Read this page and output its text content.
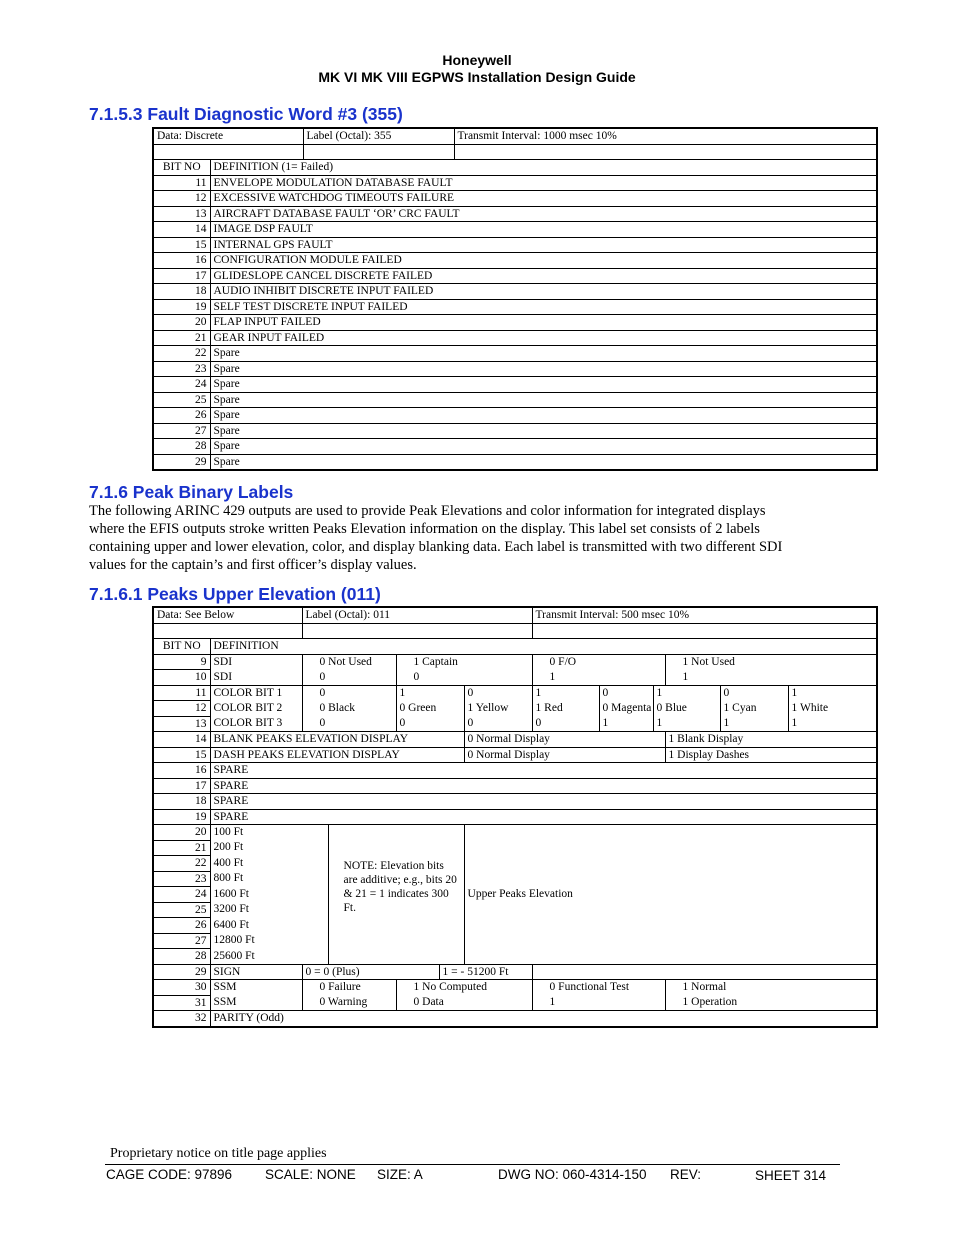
Honeywell
MK VI MK VIII EGPWS Installation Design Guide
7.1.5.3 Fault Diagnostic Word #3 (355)
Data: Discrete		Label (Octal): 355	Transmit Interval: 1000 msec 10%

BIT NO	DEFINITION (1= Failed)		
11	ENVELOPE MODULATION DATABASE FAULT		
12	EXCESSIVE WATCHDOG TIMEOUTS FAILURE		
13	AIRCRAFT DATABASE FAULT ‘OR’ CRC FAULT		
14	IMAGE DSP FAULT		
15	INTERNAL GPS FAULT		
16	CONFIGURATION MODULE FAILED		
17	GLIDESLOPE CANCEL DISCRETE FAILED		
18	AUDIO INHIBIT DISCRETE INPUT FAILED		
19	SELF TEST DISCRETE INPUT FAILED		
20	FLAP INPUT FAILED		
21	GEAR INPUT FAILED		
22	Spare		
23	Spare		
24	Spare		
25	Spare		
26	Spare		
27	Spare		
28	Spare		
29	Spare		
7.1.6 Peak Binary Labels
The following ARINC 429 outputs are used to provide Peak Elevations and color information for integrated displays
where the EFIS outputs stroke written Peaks Elevation information on the display. This label set consists of 2 labels
containing upper and lower elevation, color, and display blanking data. Each label is transmitted with two different SDI
values for the captain’s and first officer’s display values.
7.1.6.1 Peaks Upper Elevation (011)
Data: See Below		Label (Octal): 011					Transmit Interval: 500 msec 10%					

BIT NO	DEFINITION											
9	SDI	0 Not Used		1 Captain			0 F/O			1 Not Used		
10	SDI	0		0			1			1		
11	COLOR BIT 1	0		1		0	1	0	1		0	1
12	COLOR BIT 2	0 Black		0 Green		1 Yellow	1 Red	0 Magenta	0 Blue		1 Cyan	1 White
13	COLOR BIT 3	0		0		0	0	1	1		1	1
14	BLANK PEAKS ELEVATION DISPLAY					0 Normal Display				1 Blank Display		
15	DASH PEAKS ELEVATION DISPLAY					0 Normal Display				1 Display Dashes		
16	SPARE											
17	SPARE											
18	SPARE											
19	SPARE											
20	100 Ft		NOTE: Elevation bits are additive; e.g., bits 20 & 21 = 1 indicates 300 Ft.			Upper Peaks Elevation						
21	200 Ft											
22	400 Ft											
23	800 Ft											
24	1600 Ft											
25	3200 Ft											
26	6400 Ft											
27	12800 Ft											
28	25600 Ft											
29	SIGN	0 = 0 (Plus)			1 = - 51200 Ft							
30	SSM	0 Failure		1 No Computed			0 Functional Test			1 Normal		
31	SSM	0 Warning		0 Data			1			1 Operation		
32	PARITY (Odd)											
Proprietary notice on title page applies
CAGE CODE: 97896 SCALE: NONE SIZE: A	DWG NO: 060-4314-150 REV:	SHEET 314
